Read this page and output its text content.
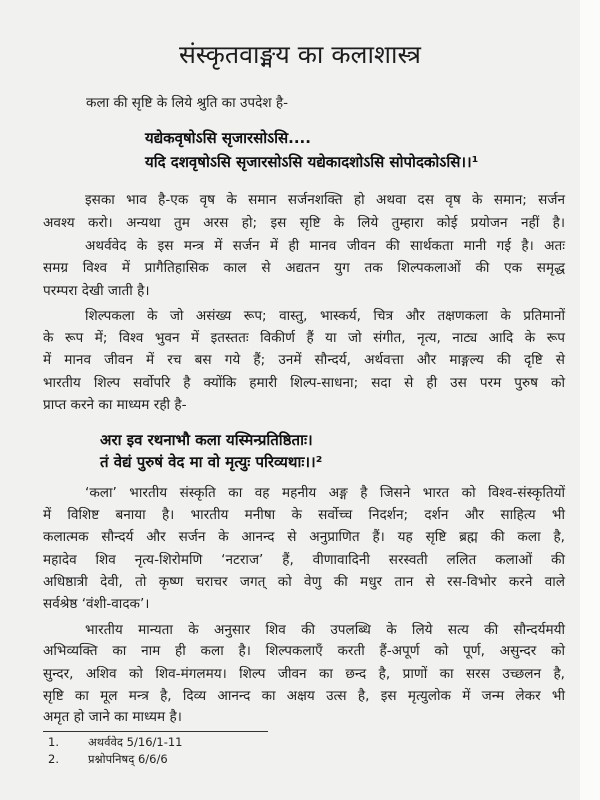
संस्कृतवाङ्मय का कलाशास्त्र
कला की सृष्टि के लिये श्रुति का उपदेश है-
यद्येकवृषोऽसि सृजारसोऽसि....
यदि दशवृषोऽसि सृजारसोऽसि यद्येकादशोऽसि सोपोदकोऽसि।।¹
इसका भाव है-एक वृष के समान सर्जनशक्ति हो अथवा दस वृष के समान; सर्जन
अवश्य करो। अन्यथा तुम अरस हो; इस सृष्टि के लिये तुम्हारा कोई प्रयोजन नहीं है।
अथर्ववेद के इस मन्त्र में सर्जन में ही मानव जीवन की सार्थकता मानी गई है। अतः
समग्र विश्व में प्रागैतिहासिक काल से अद्यतन युग तक शिल्पकलाओं की एक समृद्ध
परम्परा देखी जाती है।
शिल्पकला के जो असंख्य रूप; वास्तु, भास्कर्य, चित्र और तक्षणकला के प्रतिमानों
के रूप में; विश्व भुवन में इतस्ततः विकीर्ण हैं या जो संगीत, नृत्य, नाट्य आदि के रूप
में मानव जीवन में रच बस गये हैं; उनमें सौन्दर्य, अर्थवत्ता और माङ्गल्य की दृष्टि से
भारतीय शिल्प सर्वोपरि है क्योंकि हमारी शिल्प-साधना; सदा से ही उस परम पुरुष को
प्राप्त करने का माध्यम रही है-
अरा इव रथनाभौ कला यस्मिन्प्रतिष्ठिताः।
तं वेद्यं पुरुषं वेद मा वो मृत्युः परिव्यथाः।।²
‘कला’ भारतीय संस्कृति का वह महनीय अङ्ग है जिसने भारत को विश्व-संस्कृतियों
में विशिष्ट बनाया है। भारतीय मनीषा के सर्वोच्च निदर्शन; दर्शन और साहित्य भी
कलात्मक सौन्दर्य और सर्जन के आनन्द से अनुप्राणित हैं। यह सृष्टि ब्रह्म की कला है,
महादेव शिव नृत्य-शिरोमणि ‘नटराज’ हैं, वीणावादिनी सरस्वती ललित कलाओं की
अधिष्ठात्री देवी, तो कृष्ण चराचर जगत् को वेणु की मधुर तान से रस-विभोर करने वाले
सर्वश्रेष्ठ ‘वंशी-वादक’।
भारतीय मान्यता के अनुसार शिव की उपलब्धि के लिये सत्य की सौन्दर्यमयी
अभिव्यक्ति का नाम ही कला है। शिल्पकलाएँ करती हैं-अपूर्ण को पूर्ण, असुन्दर को
सुन्दर, अशिव को शिव-मंगलमय। शिल्प जीवन का छन्द है, प्राणों का सरस उच्छलन है,
सृष्टि का मूल मन्त्र है, दिव्य आनन्द का अक्षय उत्स है, इस मृत्युलोक में जन्म लेकर भी
अमृत हो जाने का माध्यम है।
1.	अथर्ववेद 5/16/1-11
2.	प्रश्नोपनिषद् 6/6/6
